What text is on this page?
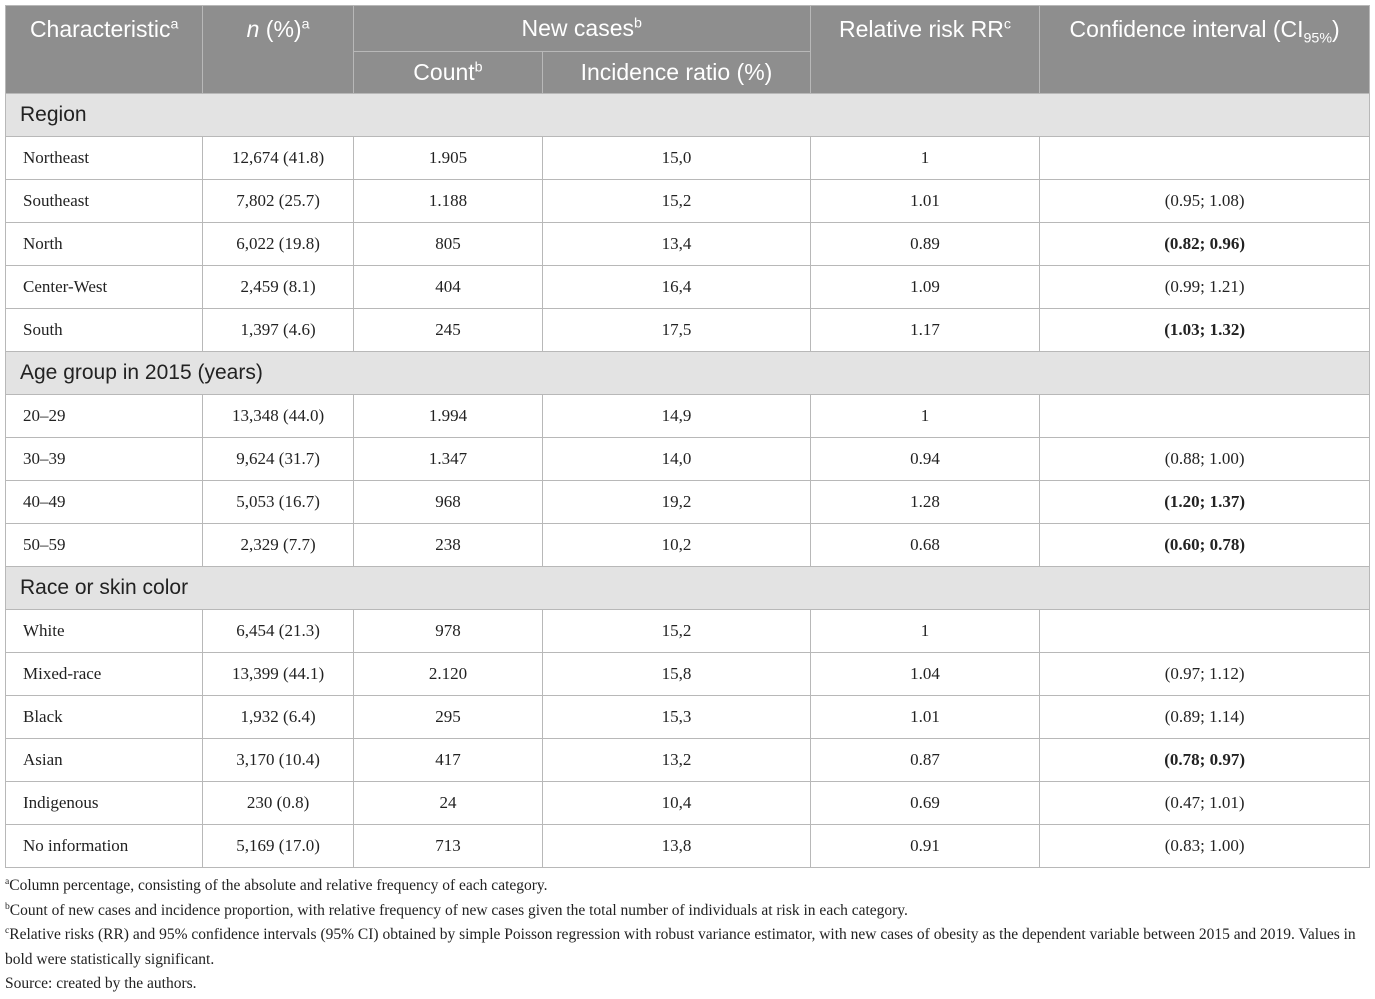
Characteristic$^a$	n (%)$^a$	New cases$^b$		Relative risk $RR^c$	Confidence interval $(CI_{95\%})$
		Count$^b$	Incidence ratio (%)		
Region					
Northeast	12,674 (41.8)	1.905	15,0	1	
Southeast	7,802 (25.7)	1.188	15,2	1.01	(0.95; 1.08)
North	6,022 (19.8)	805	13,4	0.89	(0.82; 0.96)
Center-West	2,459 (8.1)	404	16,4	1.09	(0.99; 1.21)
South	1,397 (4.6)	245	17,5	1.17	(1.03; 1.32)
Age group in 2015 (years)					
20–29	13,348 (44.0)	1.994	14,9	1	
30–39	9,624 (31.7)	1.347	14,0	0.94	(0.88; 1.00)
40–49	5,053 (16.7)	968	19,2	1.28	(1.20; 1.37)
50–59	2,329 (7.7)	238	10,2	0.68	(0.60; 0.78)
Race or skin color					
White	6,454 (21.3)	978	15,2	1	
Mixed-race	13,399 (44.1)	2.120	15,8	1.04	(0.97; 1.12)
Black	1,932 (6.4)	295	15,3	1.01	(0.89; 1.14)
Asian	3,170 (10.4)	417	13,2	0.87	(0.78; 0.97)
Indigenous	230 (0.8)	24	10,4	0.69	(0.47; 1.01)
No information	5,169 (17.0)	713	13,8	0.91	(0.83; 1.00)

$^a$Column percentage, consisting of the absolute and relative frequency of each category.

$^b$Count of new cases and incidence proportion, with relative frequency of new cases given the total number of individuals at risk in each category.

$^c$Relative risks (RR) and 95% confidence intervals (95% CI) obtained by simple Poisson regression with robust variance estimator, with new cases of obesity as the dependent variable between 2015 and 2019. Values in bold were statistically significant.

Source: created by the authors.
